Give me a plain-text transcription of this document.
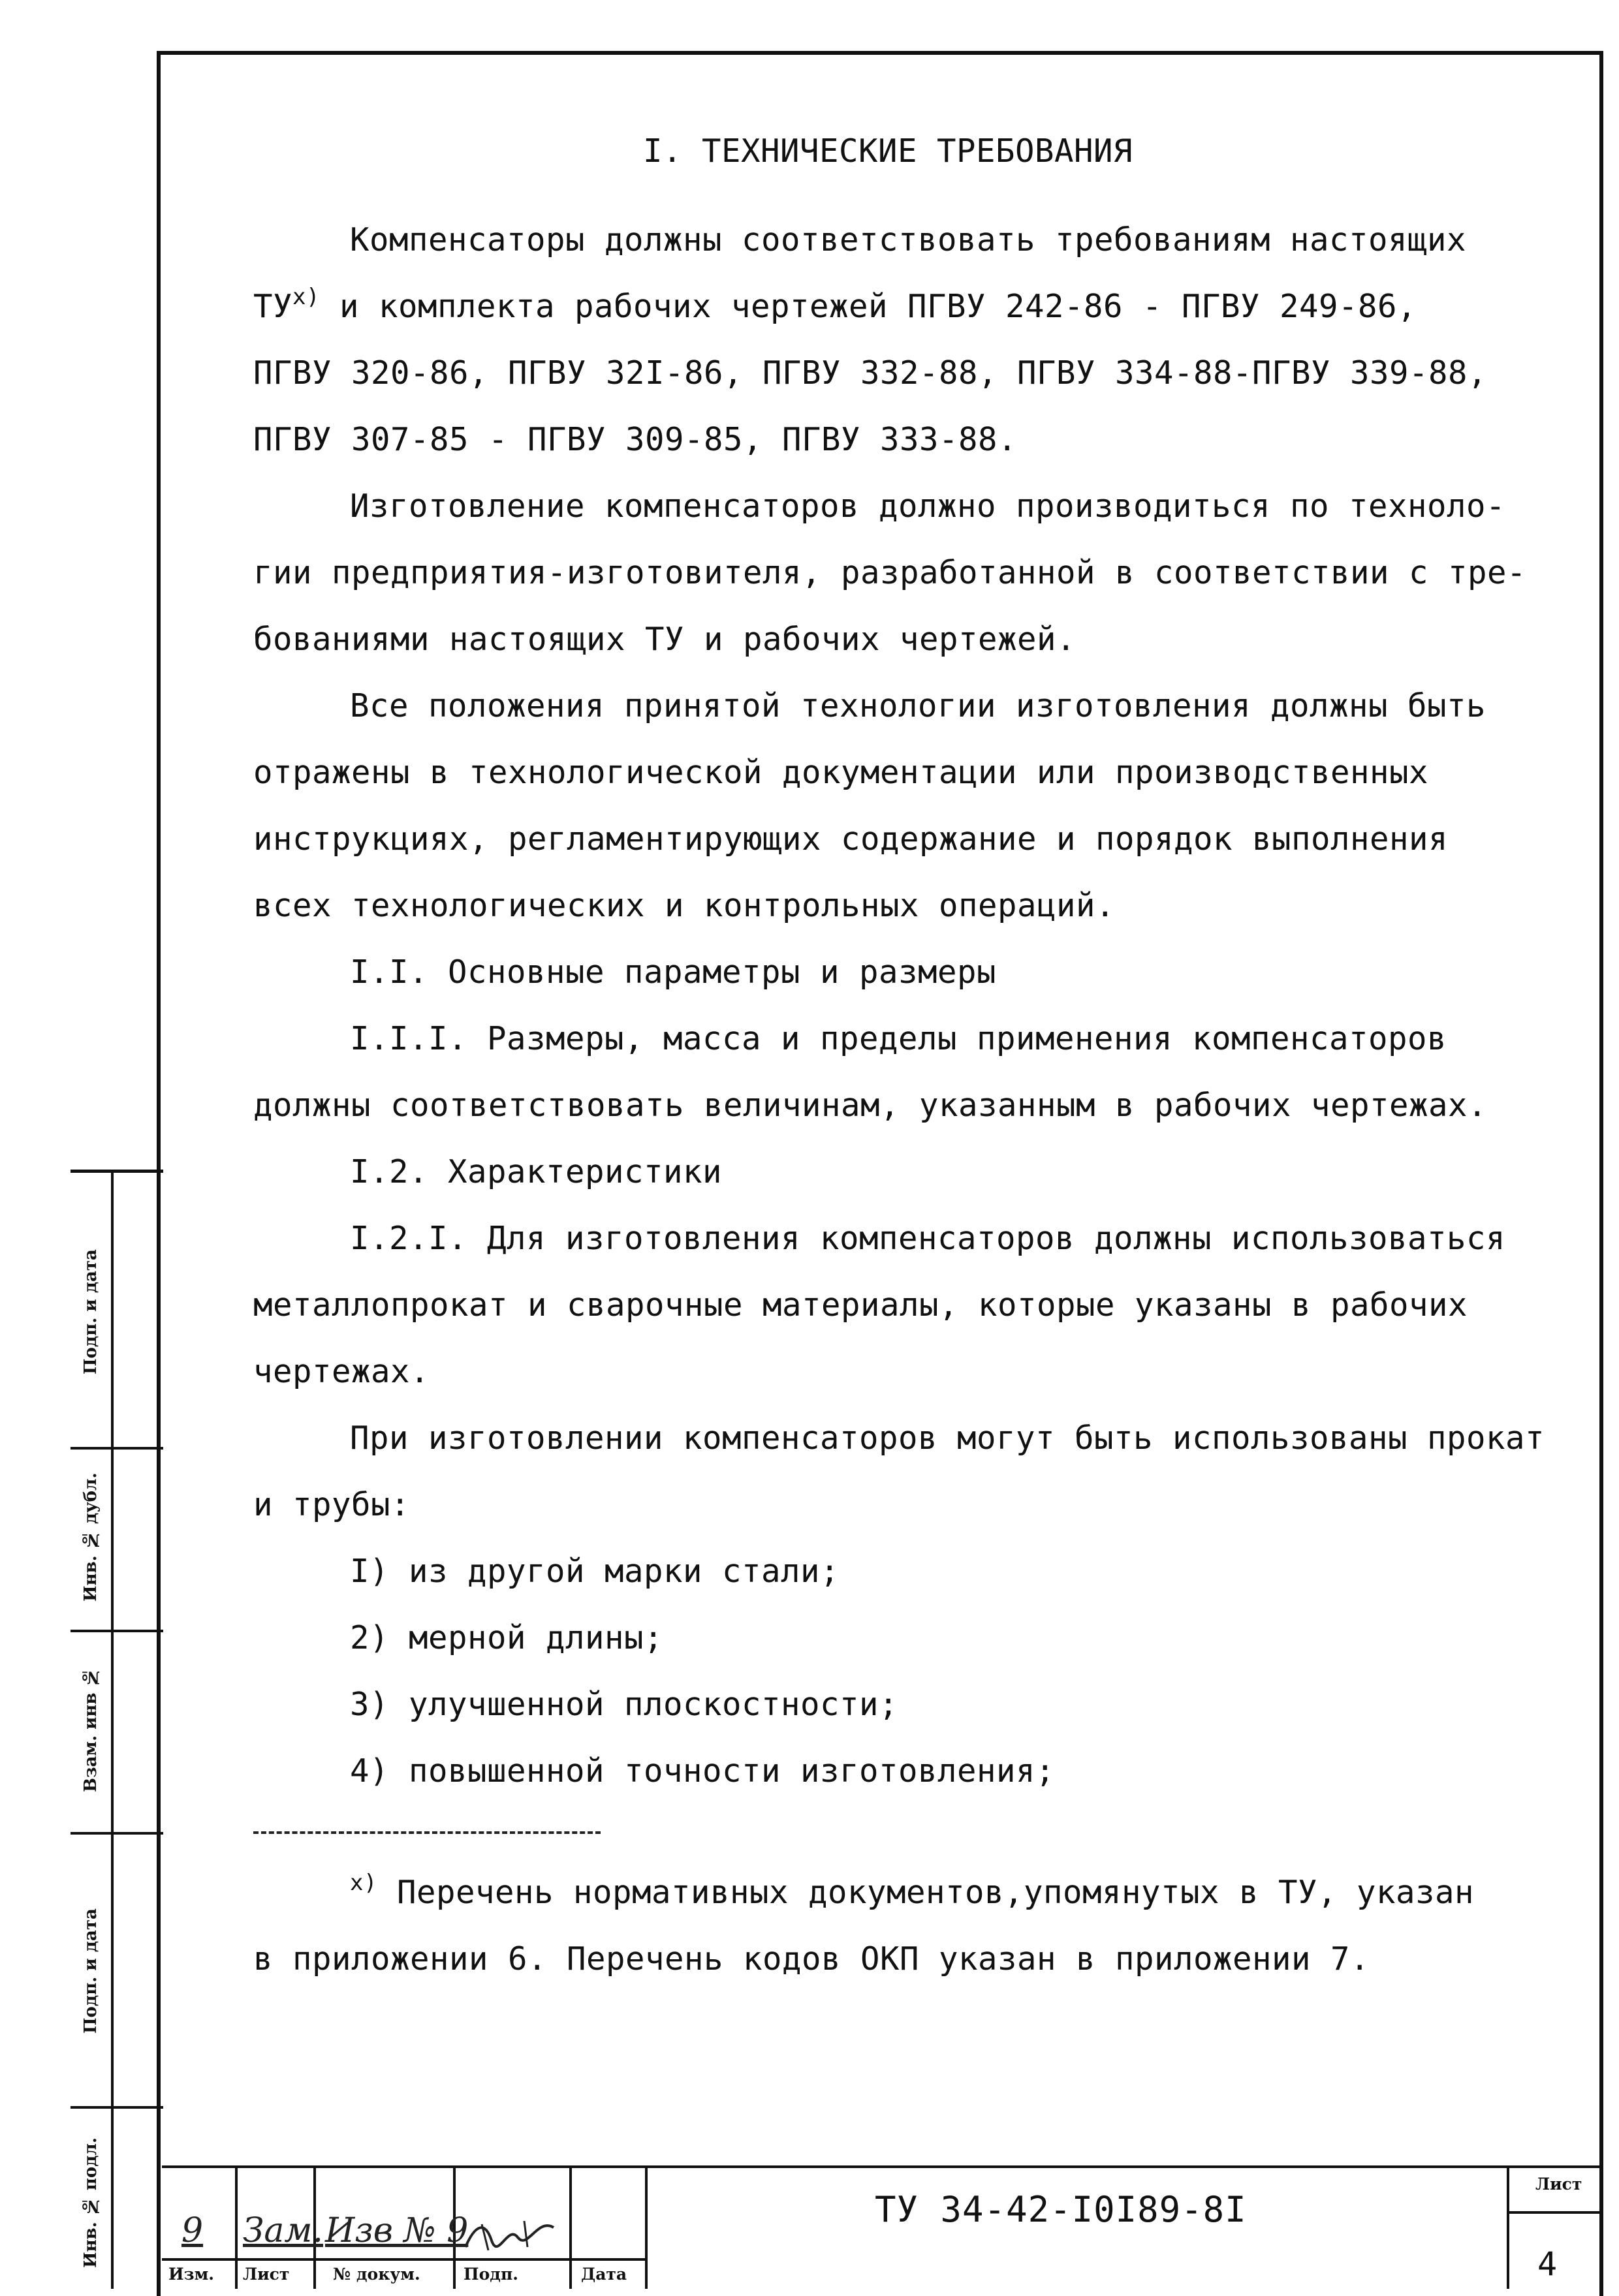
I. ТЕХНИЧЕСКИЕ ТРЕБОВАНИЯ
Компенсаторы должны соответствовать требованиям настоящих
$ТУ^{х)}$ и комплекта рабочих чертежей ПГВУ 242-86 - ПГВУ 249-86,
ПГВУ 320-86, ПГВУ 32I-86, ПГВУ 332-88, ПГВУ 334-88-ПГВУ 339-88,
ПГВУ 307-85 - ПГВУ 309-85, ПГВУ 333-88.
Изготовление компенсаторов должно производиться по техноло-
гии предприятия-изготовителя, разработанной в соответствии с тре-
бованиями настоящих ТУ и рабочих чертежей.
Все положения принятой технологии изготовления должны быть
отражены в технологической документации или производственных
инструкциях, регламентирующих содержание и порядок выполнения
всех технологических и контрольных операций.
I.I. Основные параметры и размеры
I.I.I. Размеры, масса и пределы применения компенсаторов
должны соответствовать величинам, указанным в рабочих чертежах.
I.2. Характеристики
I.2.I. Для изготовления компенсаторов должны использоваться
металлопрокат и сварочные материалы, которые указаны в рабочих
чертежах.
При изготовлении компенсаторов могут быть использованы прокат
и трубы:
I) из другой марки стали;
2) мерной длины;
3) улучшенной плоскостности;
4) повышенной точности изготовления;
$^{х)}$ Перечень нормативных документов,упомянутых в ТУ, указан
в приложении 6. Перечень кодов ОКП указан в приложении 7.
Подп. и дата
Инв. № дубл.
Взам. инв №
Подп. и дата
Инв. № подл. 9 Зам. Изв № 9
Изм. Лист	№ докум.	Подп.	Дата
Лист
ТУ 34-42-I0I89-8I
4
